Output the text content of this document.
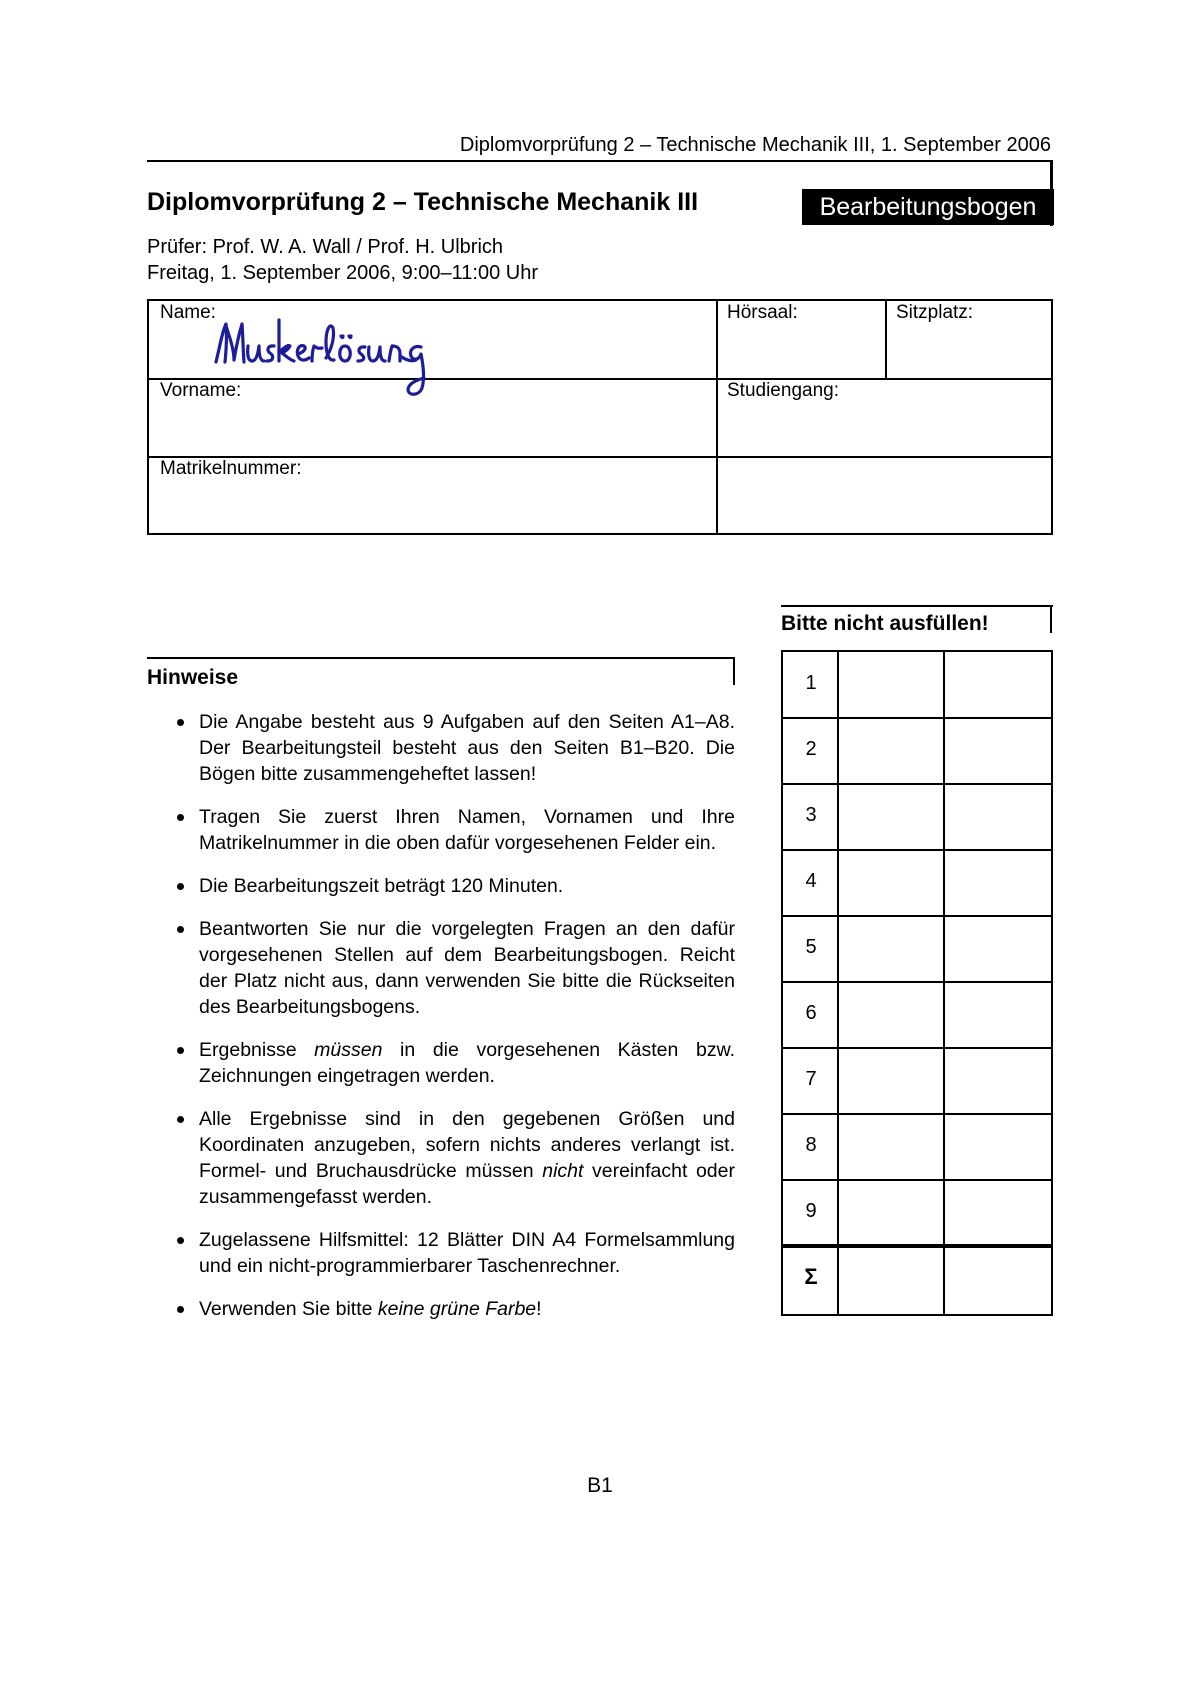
Diplomvorprüfung 2 – Technische Mechanik III, 1. September 2006
Diplomvorprüfung 2 – Technische Mechanik III	Bearbeitungsbogen
Prüfer: Prof. W. A. Wall / Prof. H. Ulbrich
Freitag, 1. September 2006, 9:00–11:00 Uhr
Name:	Hörsaal:	Sitzplatz:
Vorname:	Studiengang:
Matrikelnummer:
Hinweise
Die Angabe besteht aus 9 Aufgaben auf den Seiten A1–A8. Der Bearbeitungsteil besteht aus den Seiten B1–B20. Die Bögen bitte zusammengeheftet lassen!
Tragen Sie zuerst Ihren Namen, Vornamen und Ihre Matrikelnummer in die oben dafür vorgesehenen Felder ein.
Die Bearbeitungszeit beträgt 120 Minuten.
Beantworten Sie nur die vorgelegten Fragen an den dafür vorgesehenen Stellen auf dem Bearbeitungsbogen. Reicht der Platz nicht aus, dann verwenden Sie bitte die Rückseiten des Bearbeitungsbogens.
Ergebnisse müssen in die vorgesehenen Kästen bzw. Zeichnungen eingetragen werden.
Alle Ergebnisse sind in den gegebenen Größen und Koordinaten anzugeben, sofern nichts anderes verlangt ist. Formel- und Bruchausdrücke müssen nicht vereinfacht oder zusammengefasst werden.
Zugelassene Hilfsmittel: 12 Blätter DIN A4 Formelsammlung und ein nicht-programmierbarer Taschenrechner.
Verwenden Sie bitte keine grüne Farbe!
Bitte nicht ausfüllen!
1
2
3
4
5
6
7
8
9
Σ
B1
